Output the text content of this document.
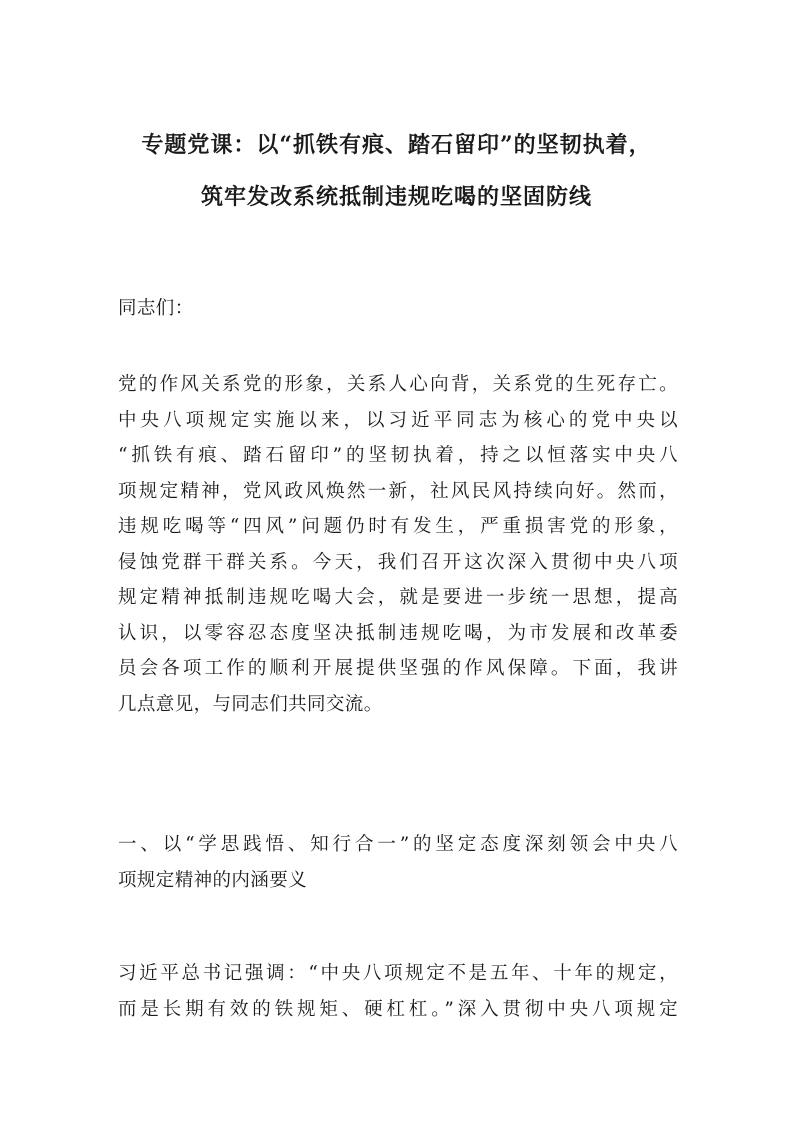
专题党课：以“抓铁有痕、踏石留印”的坚韧执着，
筑牢发改系统抵制违规吃喝的坚固防线

同志们：

党的作风关系党的形象，关系人心向背，关系党的生死存亡。
中央八项规定实施以来，以习近平同志为核心的党中央以
“抓铁有痕、踏石留印”的坚韧执着，持之以恒落实中央八
项规定精神，党风政风焕然一新，社风民风持续向好。然而，
违规吃喝等“四风”问题仍时有发生，严重损害党的形象，
侵蚀党群干群关系。今天，我们召开这次深入贯彻中央八项
规定精神抵制违规吃喝大会，就是要进一步统一思想，提高
认识，以零容忍态度坚决抵制违规吃喝，为市发展和改革委
员会各项工作的顺利开展提供坚强的作风保障。下面，我讲
几点意见，与同志们共同交流。
一、以“学思践悟、知行合一”的坚定态度深刻领会中央八
项规定精神的内涵要义
习近平总书记强调：“中央八项规定不是五年、十年的规定，
而是长期有效的铁规矩、硬杠杠。”深入贯彻中央八项规定
